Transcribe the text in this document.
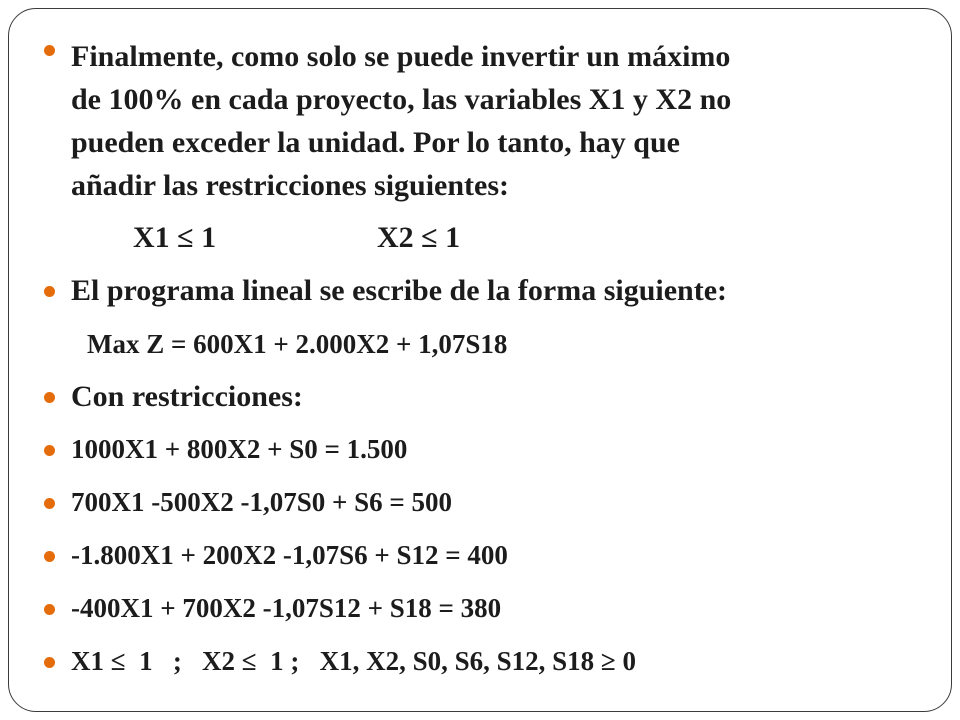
Finalmente, como solo se puede invertir un máximo
de 100% en cada proyecto, las variables X1 y X2 no
pueden exceder la unidad. Por lo tanto, hay que
añadir las restricciones siguientes:
X1 ≤ 1	X2 ≤ 1
El programa lineal se escribe de la forma siguiente:
Max Z = 600X1 + 2.000X2 + 1,07S18
Con restricciones:
1000X1 + 800X2 + S0 = 1.500
700X1 -500X2 -1,07S0 + S6 = 500
-1.800X1 + 200X2 -1,07S6 + S12 = 400
-400X1 + 700X2 -1,07S12 + S18 = 380
X1 ≤  1   ;   X2 ≤  1 ;   X1, X2, S0, S6, S12, S18 ≥ 0
